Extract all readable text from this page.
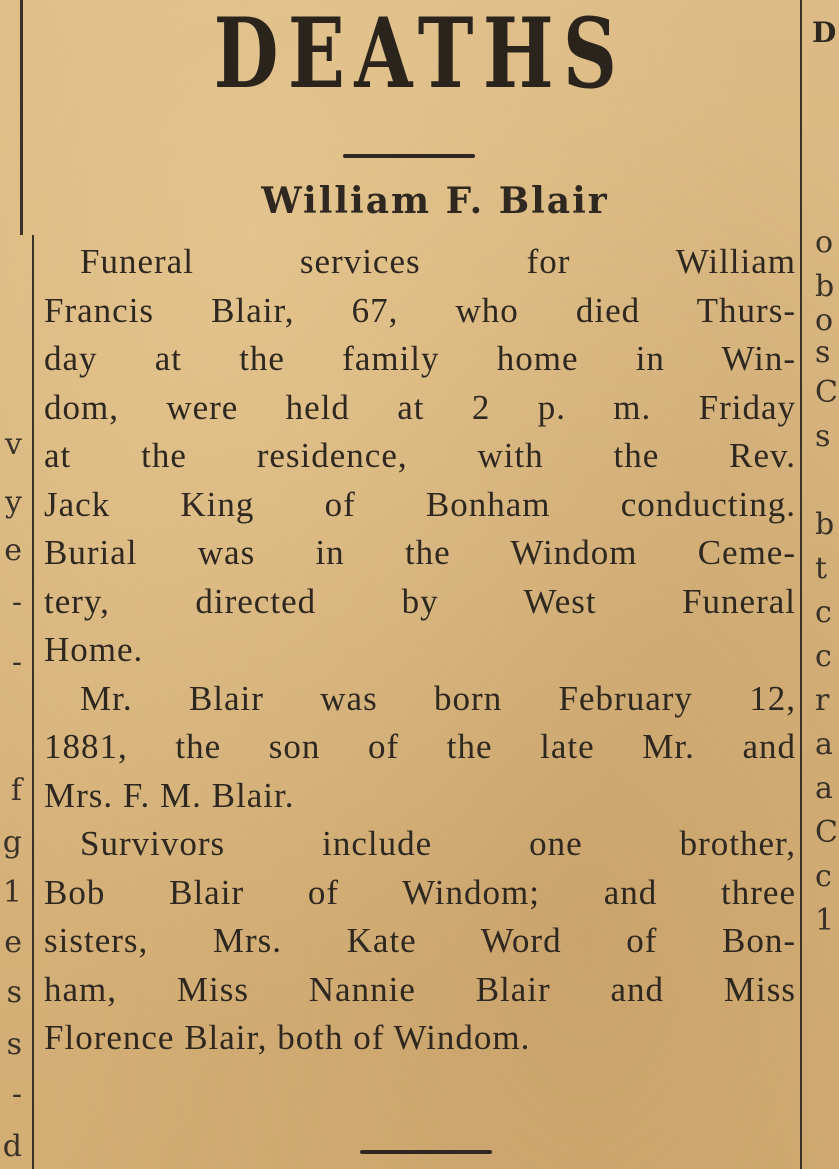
DEATHS	D
William F. Blair
Funeral services for William
Francis Blair, 67, who died Thurs-
day at the family home in Win-
dom, were held at 2 p. m. Friday
at the residence, with the Rev.
Jack King of Bonham conducting.
Burial was in the Windom Ceme-
tery, directed by West Funeral
Home.
Mr. Blair was born February 12,
1881, the son of the late Mr. and
Mrs. F. M. Blair.
Survivors include one brother,
Bob Blair of Windom; and three
sisters, Mrs. Kate Word of Bon-
ham, Miss Nannie Blair and Miss
Florence Blair, both of Windom.
v
y
e
-
-
f
g
1
e
s
s
-
d
o
b
o
s
C
s
b
t
c
c
r
a
a
C
c
1
